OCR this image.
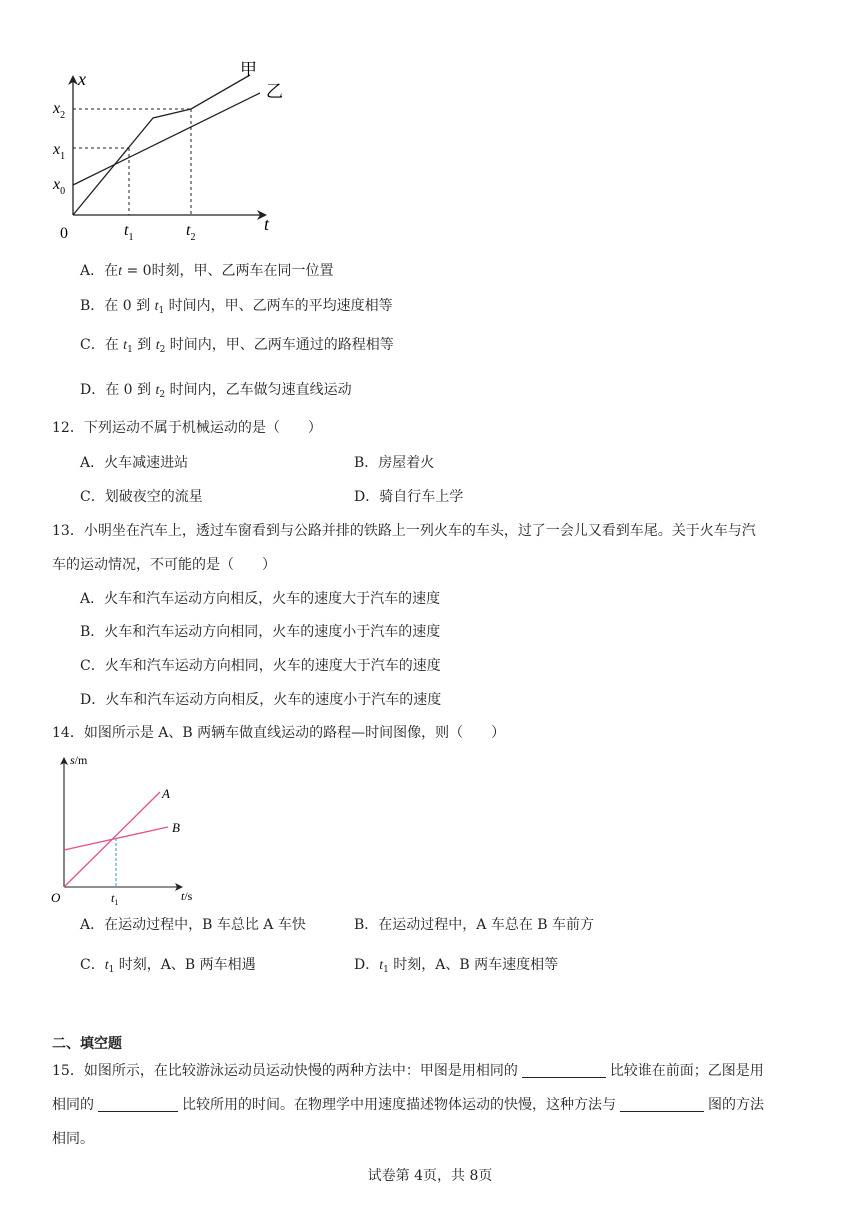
x
t
0
$x_2$
$x_1$
$x_0$
$t_1$	$t_2$
甲
乙
A．在t = 0时刻，甲、乙两车在同一位置
B．在 0 到 $t_1$ 时间内，甲、乙两车的平均速度相等
C．在 $t_1$ 到 $t_2$ 时间内，甲、乙两车通过的路程相等
D．在 0 到 $t_2$ 时间内，乙车做匀速直线运动
12．下列运动不属于机械运动的是（　　）
A．火车减速进站	B．房屋着火
C．划破夜空的流星	D．骑自行车上学
13．小明坐在汽车上，透过车窗看到与公路并排的铁路上一列火车的车头，过了一会儿又看到车尾。关于火车与汽
车的运动情况，不可能的是（　　）
A．火车和汽车运动方向相反，火车的速度大于汽车的速度
B．火车和汽车运动方向相同，火车的速度小于汽车的速度
C．火车和汽车运动方向相同，火车的速度大于汽车的速度
D．火车和汽车运动方向相反，火车的速度小于汽车的速度
14．如图所示是 A、B 两辆车做直线运动的路程—时间图像，则（　　）
s/m
t/s
O	$t_1$
A
B
A．在运动过程中，B 车总比 A 车快	B．在运动过程中，A 车总在 B 车前方
C．$t_1$ 时刻，A、B 两车相遇	D．$t_1$ 时刻，A、B 两车速度相等
二、填空题
15．如图所示，在比较游泳运动员运动快慢的两种方法中：甲图是用相同的	比较谁在前面；乙图是用
相同的	比较所用的时间。在物理学中用速度描述物体运动的快慢，这种方法与	图的方法
相同。
试卷第 4页，共 8页
